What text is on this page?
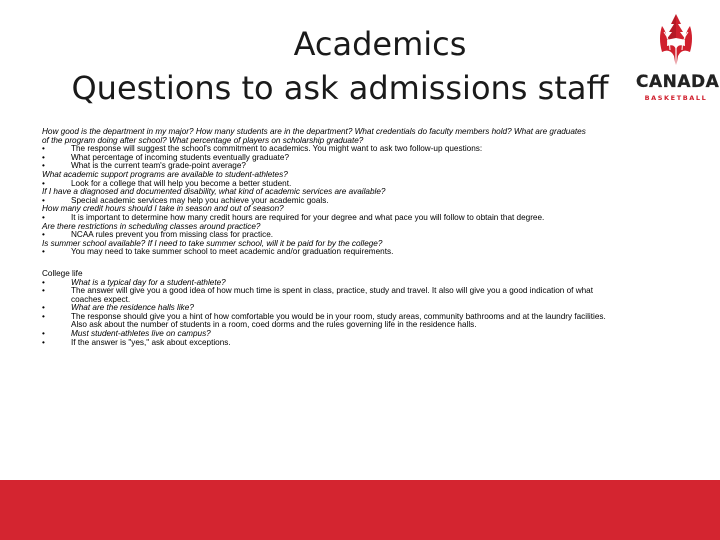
Academics
Questions to ask admissions staff	CANADA
BASKETBALL

How good is the department in my major? How many students are in the department? What credentials do faculty members hold? What are graduates

of the program doing after school? What percentage of players on scholarship graduate?

•	The response will suggest the school's commitment to academics. You might want to ask two follow-up questions:

•	What percentage of incoming students eventually graduate?

•	What is the current team's grade-point average?

What academic support programs are available to student-athletes?

•	Look for a college that will help you become a better student.

If I have a diagnosed and documented disability, what kind of academic services are available?

•	Special academic services may help you achieve your academic goals.

How many credit hours should I take in season and out of season?

•	It is important to determine how many credit hours are required for your degree and what pace you will follow to obtain that degree.

Are there restrictions in scheduling classes around practice?

•	NCAA rules prevent you from missing class for practice.

Is summer school available? If I need to take summer school, will it be paid for by the college?

•	You may need to take summer school to meet academic and/or graduation requirements.

College life

•	What is a typical day for a student-athlete?

•	The answer will give you a good idea of how much time is spent in class, practice, study and travel. It also will give you a good indication of what

coaches expect.

•	What are the residence halls like?

•	The response should give you a hint of how comfortable you would be in your room, study areas, community bathrooms and at the laundry facilities.

Also ask about the number of students in a room, coed dorms and the rules governing life in the residence halls.

•	Must student-athletes live on campus?

•	If the answer is "yes," ask about exceptions.
